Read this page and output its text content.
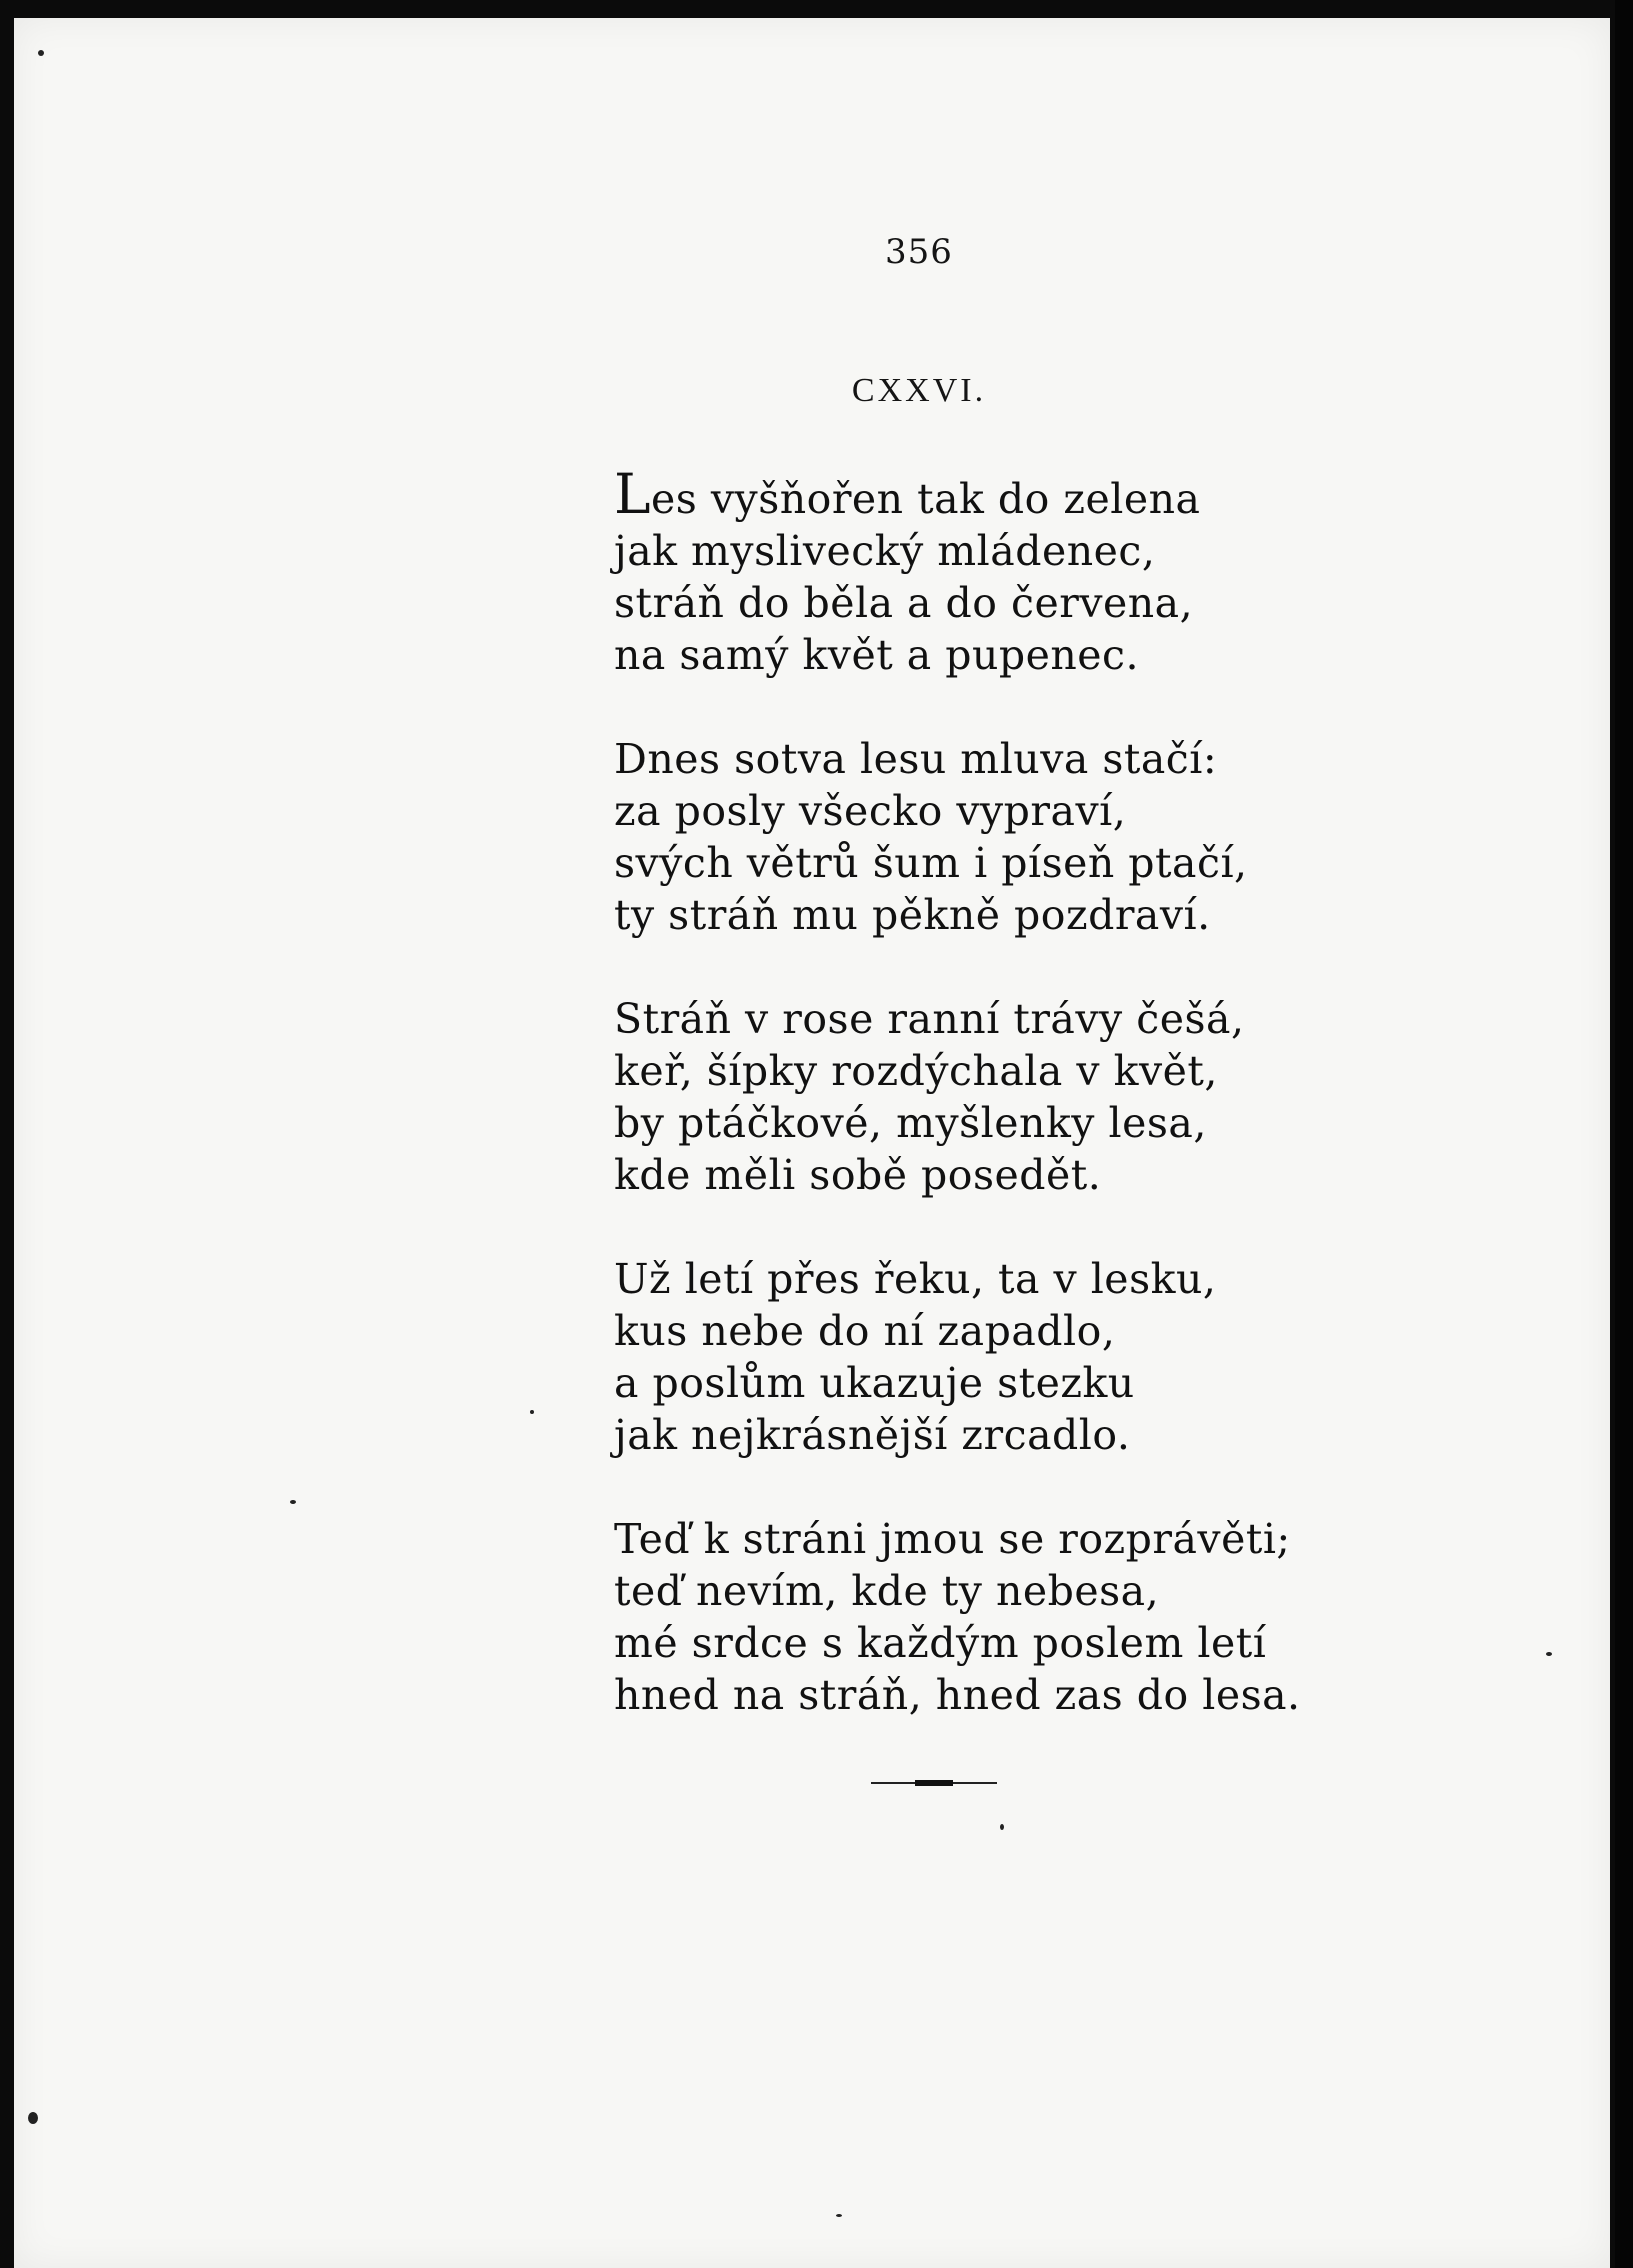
356
CXXVI.
Les vyšňořen tak do zelena
jak myslivecký mládenec,
stráň do běla a do červena,
na samý květ a pupenec.
Dnes sotva lesu mluva stačí:
za posly všecko vypraví,
svých větrů šum i píseň ptačí,
ty stráň mu pěkně pozdraví.
Stráň v rose ranní trávy češá,
keř, šípky rozdýchala v květ,
by ptáčkové, myšlenky lesa,
kde měli sobě posedět.
Už letí přes řeku, ta v lesku,
kus nebe do ní zapadlo,
a poslům ukazuje stezku
jak nejkrásnější zrcadlo.
Teď k stráni jmou se rozprávěti;
teď nevím, kde ty nebesa,
mé srdce s každým poslem letí
hned na stráň, hned zas do lesa.
